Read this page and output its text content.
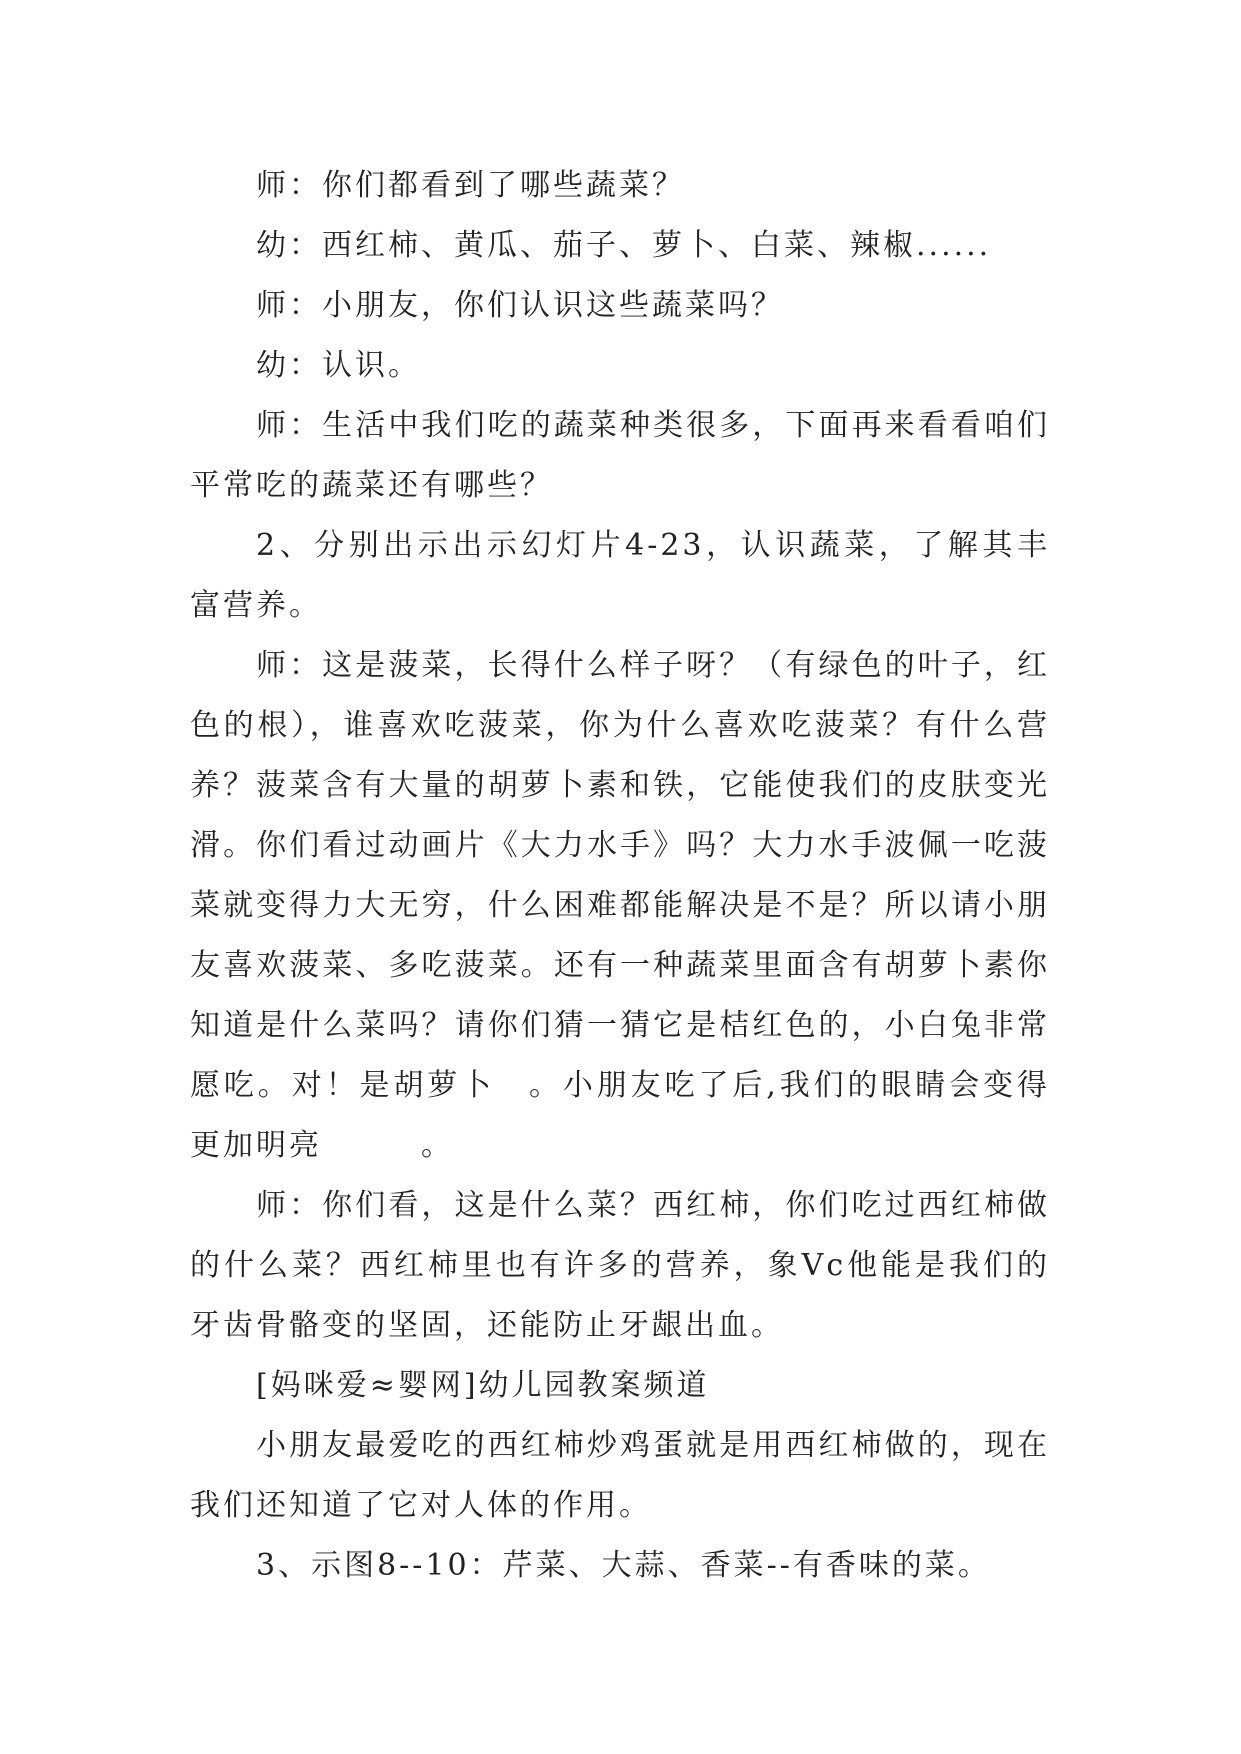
师：你们都看到了哪些蔬菜？

幼：西红柿、黄瓜、茄子、萝卜、白菜、辣椒......

师：小朋友，你们认识这些蔬菜吗？

幼：认识。

师：生活中我们吃的蔬菜种类很多，下面再来看看咱们平常吃的蔬菜还有哪些？

2、分别出示出示幻灯片4-23，认识蔬菜，了解其丰富营养。

师：这是菠菜，长得什么样子呀？（有绿色的叶子，红色的根），谁喜欢吃菠菜，你为什么喜欢吃菠菜？有什么营养？菠菜含有大量的胡萝卜素和铁，它能使我们的皮肤变光滑。你们看过动画片《大力水手》吗？大力水手波佩一吃菠菜就变得力大无穷，什么困难都能解决是不是？所以请小朋友喜欢菠菜、多吃菠菜。还有一种蔬菜里面含有胡萝卜素你知道是什么菜吗？请你们猜一猜它是桔红色的，小白兔非常愿吃。对！是胡萝卜　。小朋友吃了后,我们的眼睛会变得更加明亮　　　。

师：你们看，这是什么菜？西红柿，你们吃过西红柿做的什么菜？西红柿里也有许多的营养，象Vc他能是我们的牙齿骨骼变的坚固，还能防止牙龈出血。

[妈咪爱≈婴网]幼儿园教案频道

小朋友最爱吃的西红柿炒鸡蛋就是用西红柿做的，现在我们还知道了它对人体的作用。

3、示图8--10：芹菜、大蒜、香菜--有香味的菜。
